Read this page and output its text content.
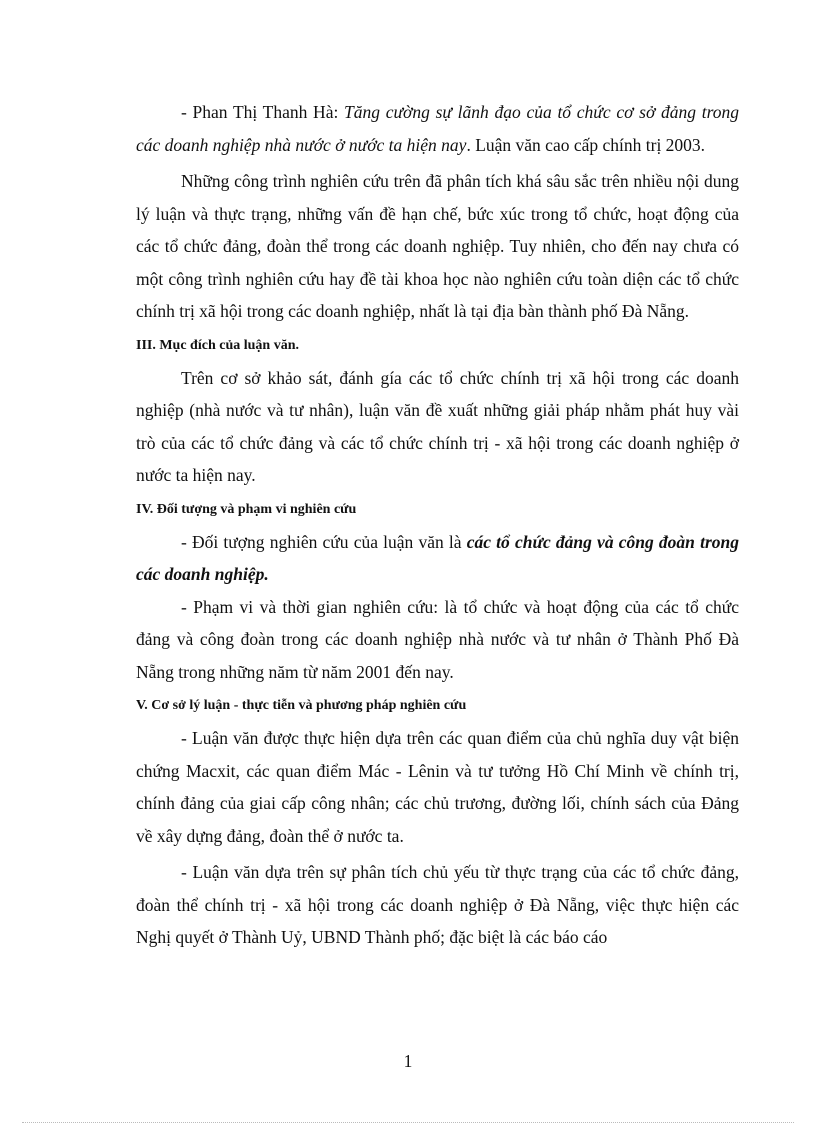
- Phan Thị Thanh Hà: Tăng cường sự lãnh đạo của tổ chức cơ sở đảng trong các doanh nghiệp nhà nước ở nước ta hiện nay. Luận văn cao cấp chính trị 2003.

Những công trình nghiên cứu trên đã phân tích khá sâu sắc trên nhiều nội dung lý luận và thực trạng, những vấn đề hạn chế, bức xúc trong tổ chức, hoạt động của các tổ chức đảng, đoàn thể trong các doanh nghiệp. Tuy nhiên, cho đến nay chưa có một công trình nghiên cứu hay đề tài khoa học nào nghiên cứu toàn diện các tổ chức chính trị xã hội trong các doanh nghiệp, nhất là tại địa bàn thành phố Đà Nẵng.

III. Mục đích của luận văn.

Trên cơ sở khảo sát, đánh gía các tổ chức chính trị xã hội trong các doanh nghiệp (nhà nước và tư nhân), luận văn đề xuất những giải pháp nhằm phát huy vài trò của các tổ chức đảng và các tổ chức chính trị - xã hội trong các doanh nghiệp ở nước ta hiện nay.

IV. Đối tượng và phạm vi nghiên cứu

- Đối tượng nghiên cứu của luận văn là các tổ chức đảng và công đoàn trong các doanh nghiệp.

- Phạm vi và thời gian nghiên cứu: là tổ chức và hoạt động của các tổ chức đảng và công đoàn trong các doanh nghiệp nhà nước và tư nhân ở Thành Phố Đà Nẵng trong những năm từ năm 2001 đến nay.

V. Cơ sở lý luận - thực tiễn và phương pháp nghiên cứu

- Luận văn được thực hiện dựa trên các quan điểm của chủ nghĩa duy vật biện chứng Macxit, các quan điểm Mác - Lênin và tư tưởng Hồ Chí Minh về chính trị, chính đảng của giai cấp công nhân; các chủ trương, đường lối, chính sách của Đảng về xây dựng đảng, đoàn thể ở nước ta.

- Luận văn dựa trên sự phân tích chủ yếu từ thực trạng của các tổ chức đảng, đoàn thể chính trị - xã hội trong các doanh nghiệp ở Đà Nẵng, việc thực hiện các Nghị quyết ở Thành Uỷ, UBND Thành phố; đặc biệt là các báo cáo

1
